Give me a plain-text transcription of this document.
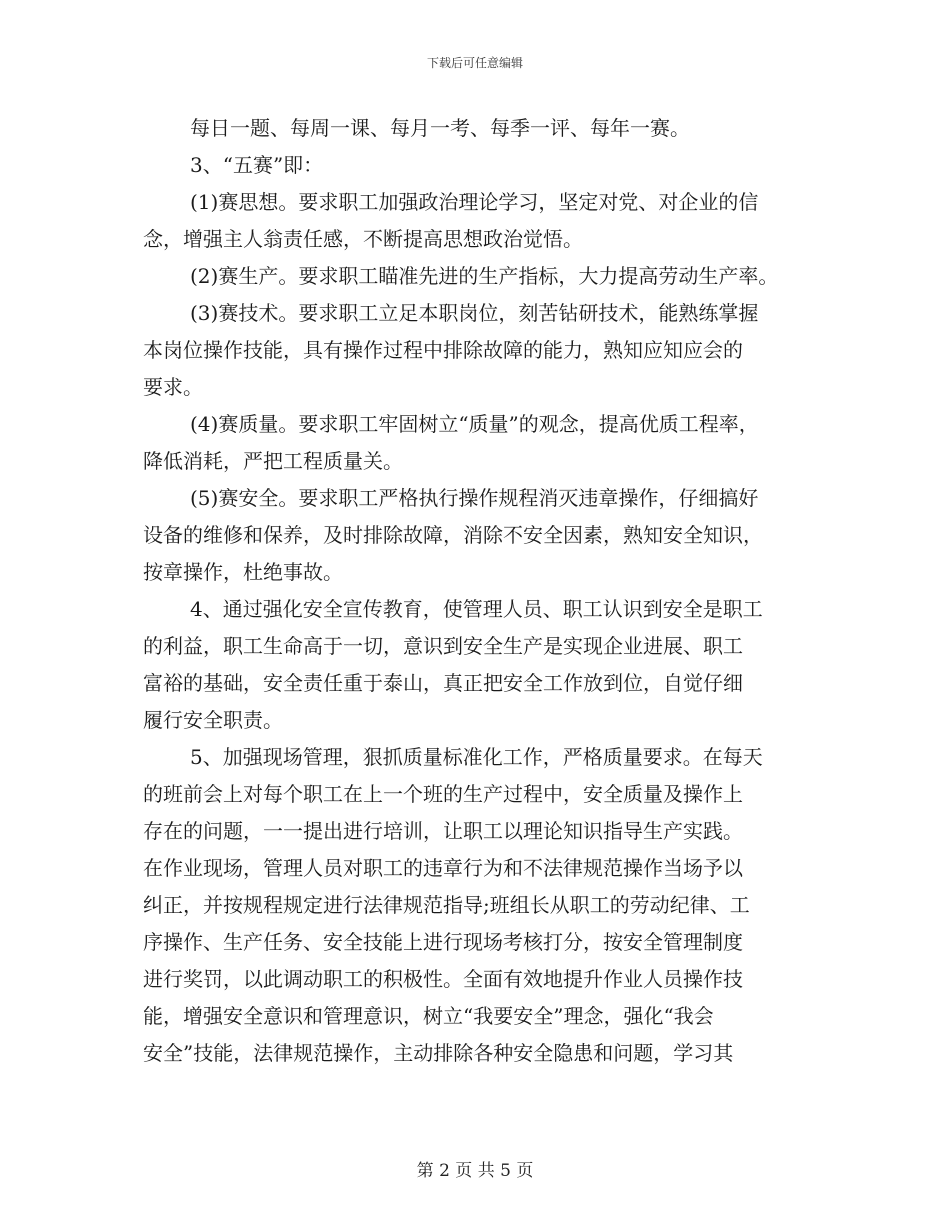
下载后可任意编辑
每日一题、每周一课、每月一考、每季一评、每年一赛。
3、“五赛”即：
(1)赛思想。要求职工加强政治理论学习，坚定对党、对企业的信
念，增强主人翁责任感，不断提高思想政治觉悟。
(2)赛生产。要求职工瞄准先进的生产指标，大力提高劳动生产率。
(3)赛技术。要求职工立足本职岗位，刻苦钻研技术，能熟练掌握
本岗位操作技能，具有操作过程中排除故障的能力，熟知应知应会的
要求。
(4)赛质量。要求职工牢固树立“质量”的观念，提高优质工程率，
降低消耗，严把工程质量关。
(5)赛安全。要求职工严格执行操作规程消灭违章操作，仔细搞好
设备的维修和保养，及时排除故障，消除不安全因素，熟知安全知识，
按章操作，杜绝事故。
4、通过强化安全宣传教育，使管理人员、职工认识到安全是职工
的利益，职工生命高于一切，意识到安全生产是实现企业进展、职工
富裕的基础，安全责任重于泰山，真正把安全工作放到位，自觉仔细
履行安全职责。
5、加强现场管理，狠抓质量标准化工作，严格质量要求。在每天
的班前会上对每个职工在上一个班的生产过程中，安全质量及操作上
存在的问题，一一提出进行培训，让职工以理论知识指导生产实践。
在作业现场，管理人员对职工的违章行为和不法律规范操作当场予以
纠正，并按规程规定进行法律规范指导;班组长从职工的劳动纪律、工
序操作、生产任务、安全技能上进行现场考核打分，按安全管理制度
进行奖罚，以此调动职工的积极性。全面有效地提升作业人员操作技
能，增强安全意识和管理意识，树立“我要安全”理念，强化“我会
安全”技能，法律规范操作，主动排除各种安全隐患和问题，学习其
第 2 页 共 5 页
